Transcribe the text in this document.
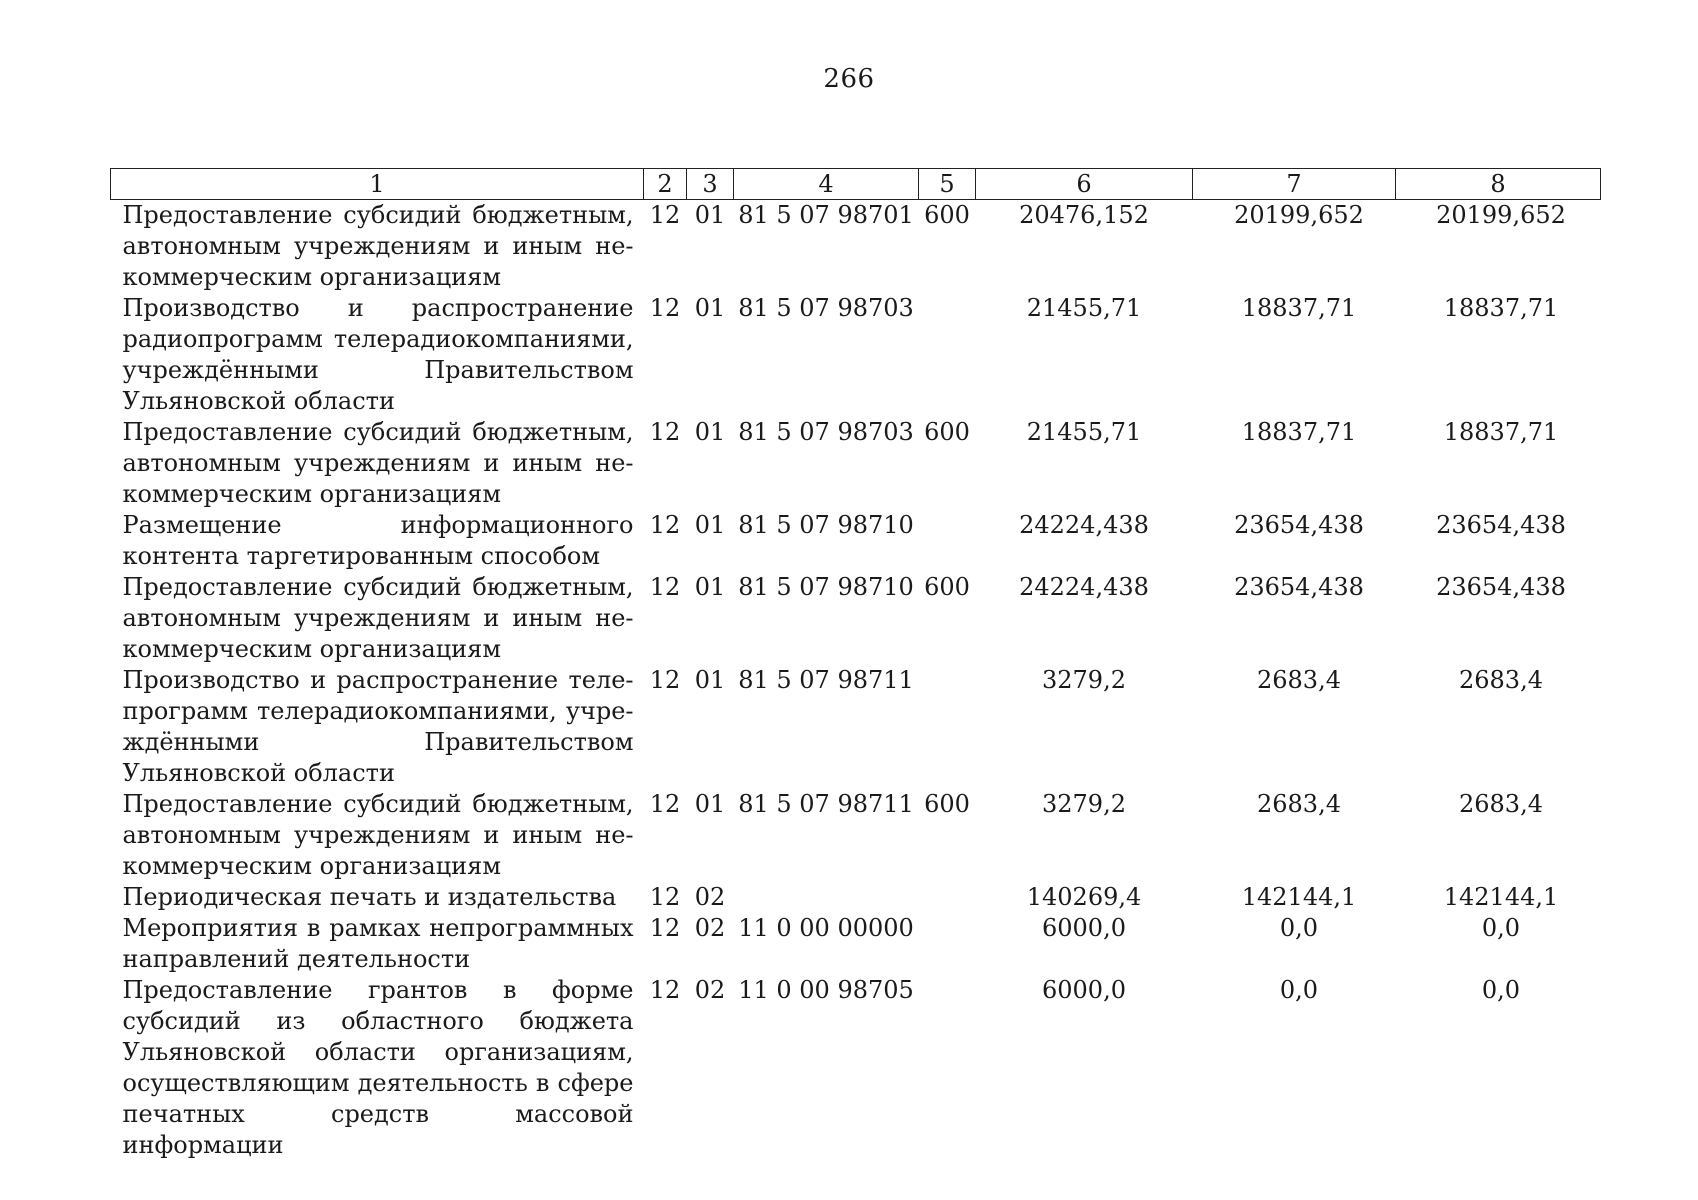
266
1	2	3	4	5	6	7	8
Предоставление субсидий бюджетным, автономным учреждениям и иным некоммерческим организациям	12	01	81 5 07 98701	600	20476,152	20199,652	20199,652
Производство и распространение радиопрограмм телерадиокомпаниями, учреждёнными Правительством Ульяновской области	12	01	81 5 07 98703		21455,71	18837,71	18837,71
Предоставление субсидий бюджетным, автономным учреждениям и иным некоммерческим организациям	12	01	81 5 07 98703	600	21455,71	18837,71	18837,71
Размещение информационного контента таргетированным способом	12	01	81 5 07 98710		24224,438	23654,438	23654,438
Предоставление субсидий бюджетным, автономным учреждениям и иным некоммерческим организациям	12	01	81 5 07 98710	600	24224,438	23654,438	23654,438
Производство и распространение телепрограмм телерадиокомпаниями, учреждёнными Правительством Ульяновской области	12	01	81 5 07 98711		3279,2	2683,4	2683,4
Предоставление субсидий бюджетным, автономным учреждениям и иным некоммерческим организациям	12	01	81 5 07 98711	600	3279,2	2683,4	2683,4
Периодическая печать и издательства	12	02			140269,4	142144,1	142144,1
Мероприятия в рамках непрограммных направлений деятельности	12	02	11 0 00 00000		6000,0	0,0	0,0
Предоставление грантов в форме субсидий из областного бюджета Ульяновской области организациям, осуществляющим деятельность в сфере печатных средств массовой информации	12	02	11 0 00 98705		6000,0	0,0	0,0
